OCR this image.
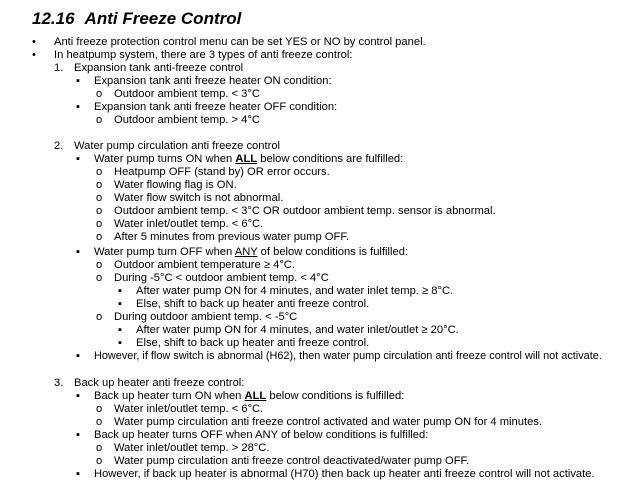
12.16 Anti Freeze Control
• Anti freeze protection control menu can be set YES or NO by control panel.
• In heatpump system, there are 3 types of anti freeze control:
1. Expansion tank anti-freeze control
▪ Expansion tank anti freeze heater ON condition:
o Outdoor ambient temp. < 3°C
▪ Expansion tank anti freeze heater OFF condition:
o Outdoor ambient temp. > 4°C
2. Water pump circulation anti freeze control
▪ Water pump turns ON when ALL below conditions are fulfilled:
o Heatpump OFF (stand by) OR error occurs.
o Water flowing flag is ON.
o Water flow switch is not abnormal.
o Outdoor ambient temp. < 3°C OR outdoor ambient temp. sensor is abnormal.
o Water inlet/outlet temp. < 6°C.
o After 5 minutes from previous water pump OFF.
▪ Water pump turn OFF when ANY of below conditions is fulfilled:
o Outdoor ambient temperature ≥ 4°C.
o During -5°C < outdoor ambient temp. < 4°C
▪ After water pump ON for 4 minutes, and water inlet temp. ≥ 8°C.
▪ Else, shift to back up heater anti freeze control.
o During outdoor ambient temp. < -5°C
▪ After water pump ON for 4 minutes, and water inlet/outlet ≥ 20°C.
▪ Else, shift to back up heater anti freeze control.
▪ However, if flow switch is abnormal (H62), then water pump circulation anti freeze control will not activate.
3. Back up heater anti freeze control:
▪ Back up heater turn ON when ALL below conditions is fulfilled:
o Water inlet/outlet temp. < 6°C.
o Water pump circulation anti freeze control activated and water pump ON for 4 minutes.
▪ Back up heater turns OFF when ANY of below conditions is fulfilled:
o Water inlet/outlet temp. > 28°C.
o Water pump circulation anti freeze control deactivated/water pump OFF.
▪ However, if back up heater is abnormal (H70) then back up heater anti freeze control will not activate.
